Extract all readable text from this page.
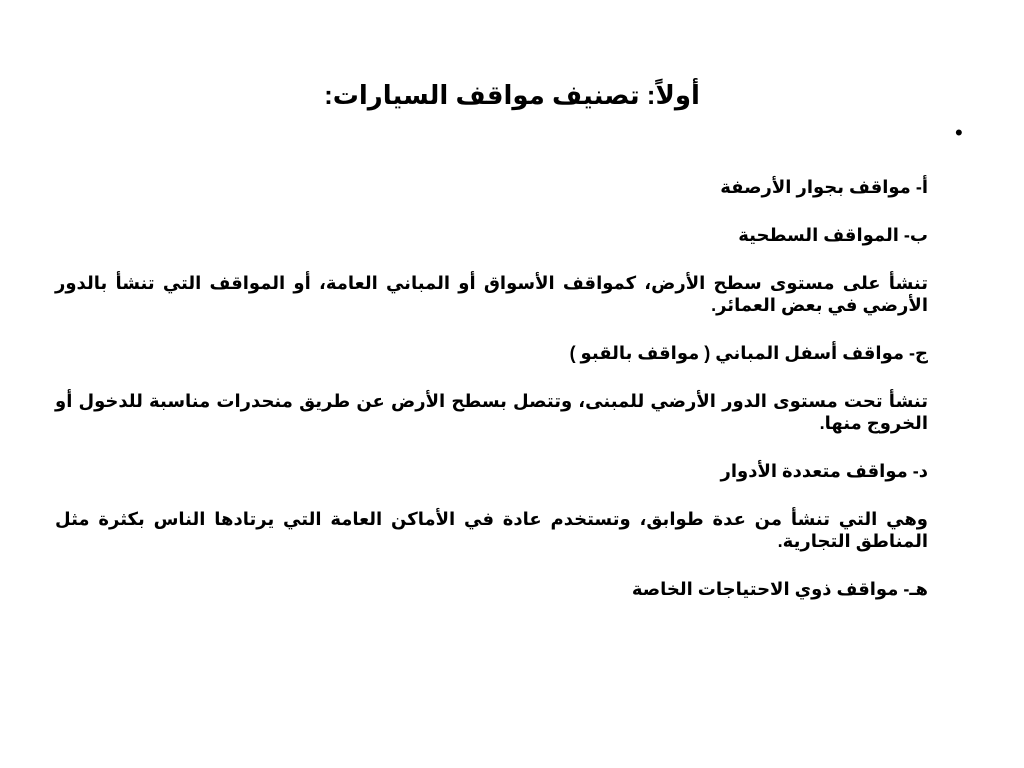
أولاً: تصنيف مواقف السيارات:
•

أ- مواقف بجوار الأرصفة

ب- المواقف السطحية

تنشأ على مستوى سطح الأرض، كمواقف الأسواق أو المباني العامة، أو المواقف التي تنشأ بالدور الأرضي في بعض العمائر.

ج- مواقف أسفل المباني ( مواقف بالقبو )

تنشأ تحت مستوى الدور الأرضي للمبنى، وتتصل بسطح الأرض عن طريق منحدرات مناسبة للدخول أو الخروج منها.

د- مواقف متعددة الأدوار

وهي التي تنشأ من عدة طوابق، وتستخدم عادة في الأماكن العامة التي يرتادها الناس بكثرة مثل المناطق التجارية.

هـ- مواقف ذوي الاحتياجات الخاصة
